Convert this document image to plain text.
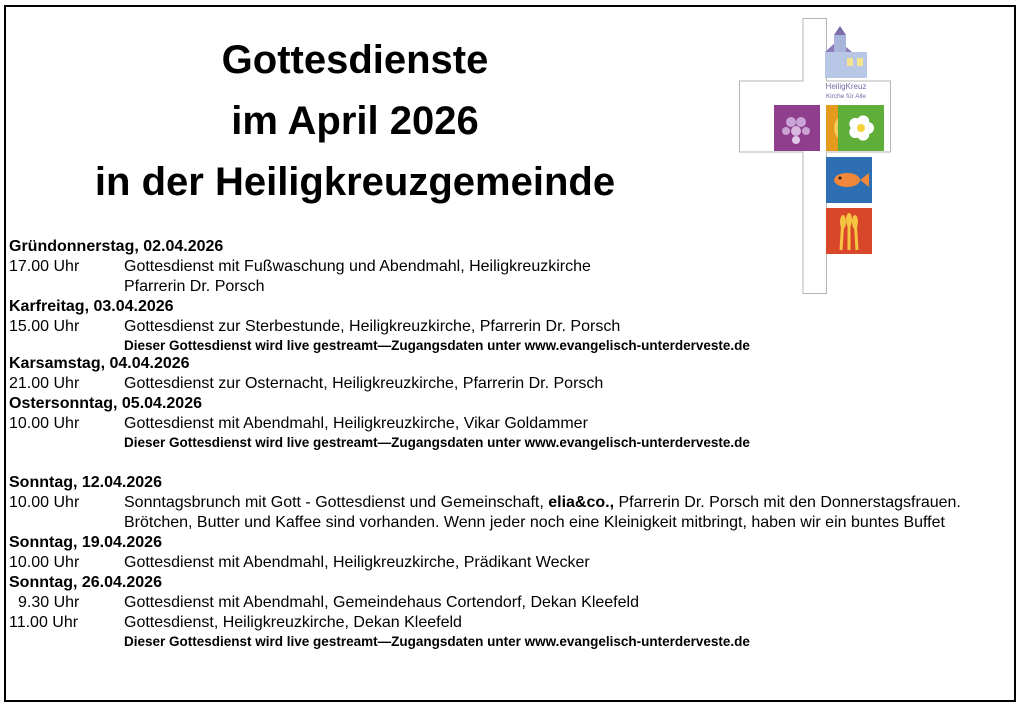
Gottesdienste
im April 2026
in der Heiligkreuzgemeinde
HeiligKreuz
Kirche für Alle
Gründonnerstag, 02.04.2026
17.00 Uhr	Gottesdienst mit Fußwaschung und Abendmahl, Heiligkreuzkirche
Pfarrerin Dr. Porsch
Karfreitag, 03.04.2026
15.00 Uhr	Gottesdienst zur Sterbestunde, Heiligkreuzkirche, Pfarrerin Dr. Porsch
Dieser Gottesdienst wird live gestreamt—Zugangsdaten unter www.evangelisch-unterderveste.de
Karsamstag, 04.04.2026
21.00 Uhr	Gottesdienst zur Osternacht, Heiligkreuzkirche, Pfarrerin Dr. Porsch
Ostersonntag, 05.04.2026
10.00 Uhr	Gottesdienst mit Abendmahl, Heiligkreuzkirche, Vikar Goldammer
Dieser Gottesdienst wird live gestreamt—Zugangsdaten unter www.evangelisch-unterderveste.de
Sonntag, 12.04.2026
10.00 Uhr	Sonntagsbrunch mit Gott - Gottesdienst und Gemeinschaft, elia&co., Pfarrerin Dr. Porsch mit den Donnerstagsfrauen. Brötchen, Butter und Kaffee sind vorhanden. Wenn jeder noch eine Kleinigkeit mitbringt, haben wir ein buntes Buffet
Sonntag, 19.04.2026
10.00 Uhr	Gottesdienst mit Abendmahl, Heiligkreuzkirche, Prädikant Wecker
Sonntag, 26.04.2026
9.30 Uhr	Gottesdienst mit Abendmahl, Gemeindehaus Cortendorf, Dekan Kleefeld
11.00 Uhr	Gottesdienst, Heiligkreuzkirche, Dekan Kleefeld
Dieser Gottesdienst wird live gestreamt—Zugangsdaten unter www.evangelisch-unterderveste.de
